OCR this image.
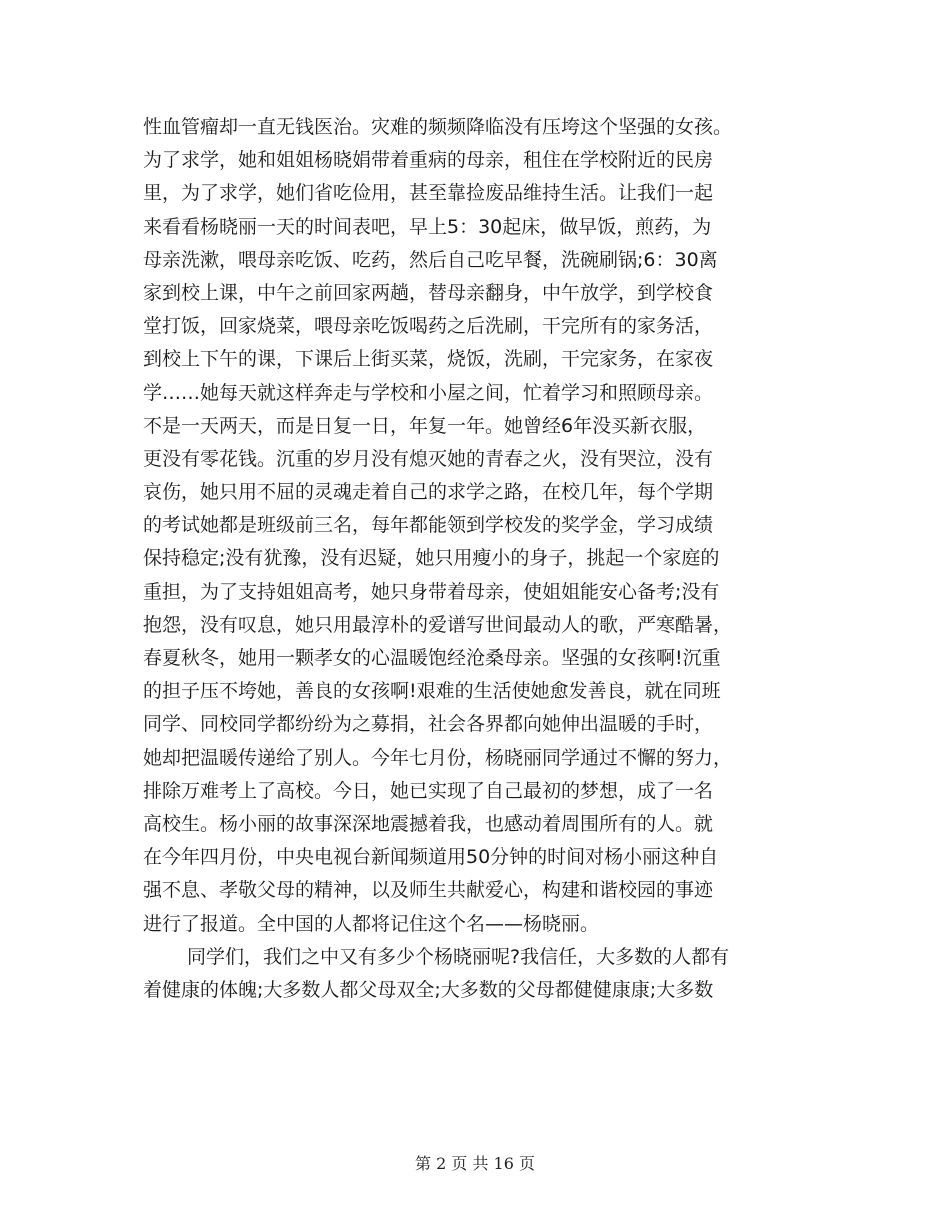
性血管瘤却一直无钱医治。灾难的频频降临没有压垮这个坚强的女孩。
为了求学，她和姐姐杨晓娟带着重病的母亲，租住在学校附近的民房
里，为了求学，她们省吃俭用，甚至靠捡废品维持生活。让我们一起
来看看杨晓丽一天的时间表吧，早上5：30起床，做早饭，煎药，为
母亲洗漱，喂母亲吃饭、吃药，然后自己吃早餐，洗碗刷锅;6：30离
家到校上课，中午之前回家两趟，替母亲翻身，中午放学，到学校食
堂打饭，回家烧菜，喂母亲吃饭喝药之后洗刷，干完所有的家务活，
到校上下午的课，下课后上街买菜，烧饭，洗刷，干完家务，在家夜
学……她每天就这样奔走与学校和小屋之间，忙着学习和照顾母亲。
不是一天两天，而是日复一日，年复一年。她曾经6年没买新衣服，
更没有零花钱。沉重的岁月没有熄灭她的青春之火，没有哭泣，没有
哀伤，她只用不屈的灵魂走着自己的求学之路，在校几年，每个学期
的考试她都是班级前三名，每年都能领到学校发的奖学金，学习成绩
保持稳定;没有犹豫，没有迟疑，她只用瘦小的身子，挑起一个家庭的
重担，为了支持姐姐高考，她只身带着母亲，使姐姐能安心备考;没有
抱怨，没有叹息，她只用最淳朴的爱谱写世间最动人的歌，严寒酷暑，
春夏秋冬，她用一颗孝女的心温暖饱经沧桑母亲。坚强的女孩啊!沉重
的担子压不垮她，善良的女孩啊!艰难的生活使她愈发善良，就在同班
同学、同校同学都纷纷为之募捐，社会各界都向她伸出温暖的手时，
她却把温暖传递给了别人。今年七月份，杨晓丽同学通过不懈的努力，
排除万难考上了高校。今日，她已实现了自己最初的梦想，成了一名
高校生。杨小丽的故事深深地震撼着我，也感动着周围所有的人。就
在今年四月份，中央电视台新闻频道用50分钟的时间对杨小丽这种自
强不息、孝敬父母的精神，以及师生共献爱心，构建和谐校园的事迹
进行了报道。全中国的人都将记住这个名——杨晓丽。
同学们，我们之中又有多少个杨晓丽呢?我信任，大多数的人都有
着健康的体魄;大多数人都父母双全;大多数的父母都健健康康;大多数
第 2 页 共 16 页
